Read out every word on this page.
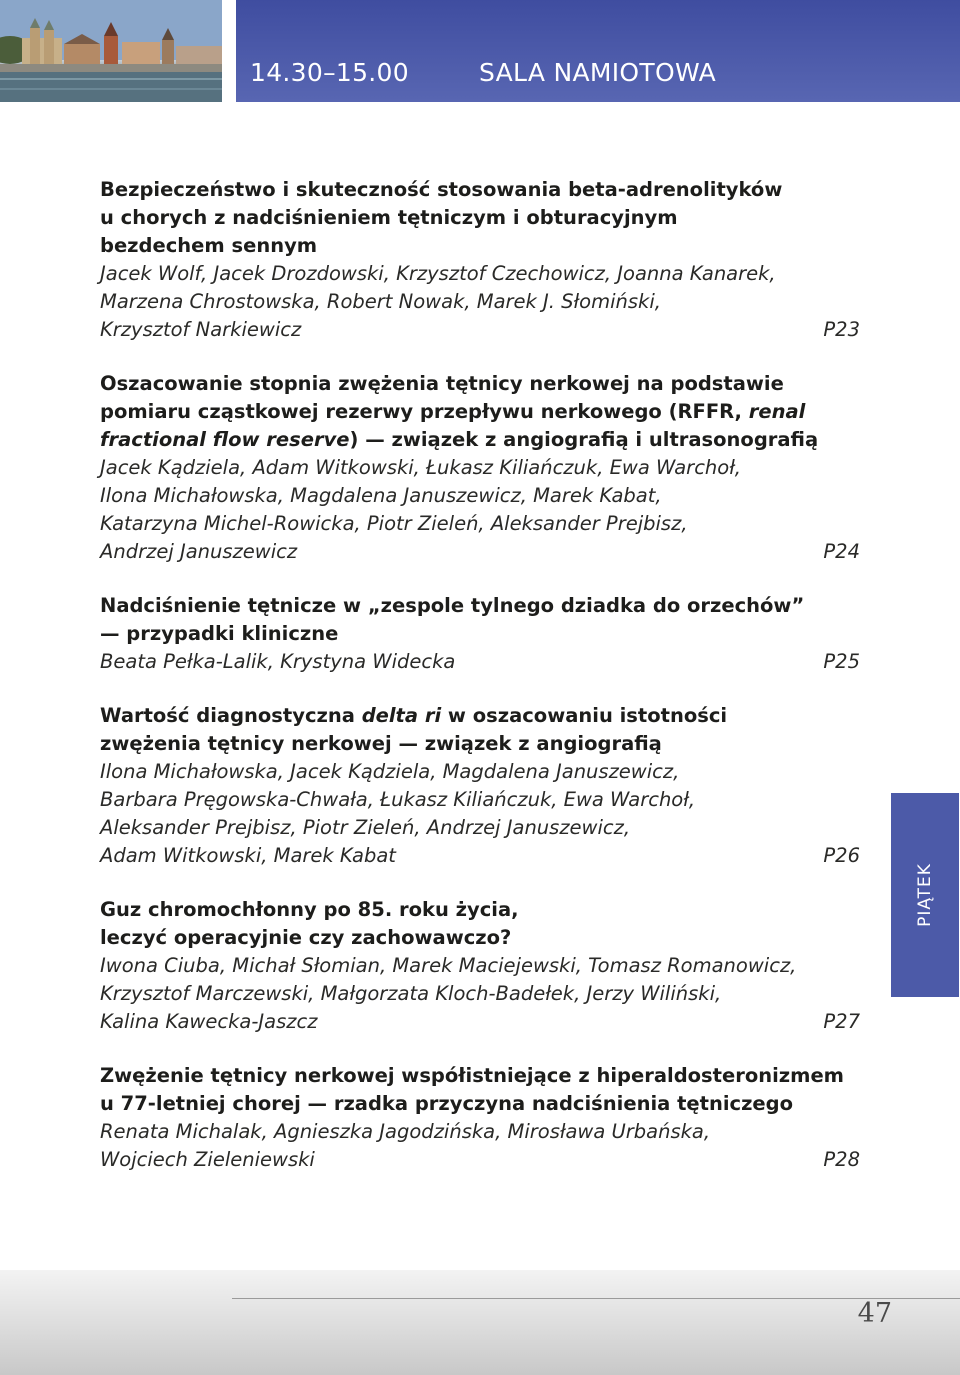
14.30–15.00	SALA NAMIOTOWA
Bezpieczeństwo i skuteczność stosowania beta-adrenolityków
u chorych z nadciśnieniem tętniczym i obturacyjnym
bezdechem sennym
Jacek Wolf, Jacek Drozdowski, Krzysztof Czechowicz, Joanna Kanarek,
Marzena Chrostowska, Robert Nowak, Marek J. Słomiński,
Krzysztof Narkiewicz	P23
Oszacowanie stopnia zwężenia tętnicy nerkowej na podstawie
pomiaru cząstkowej rezerwy przepływu nerkowego (RFFR, renal
fractional flow reserve) — związek z angiografią i ultrasonografią
Jacek Kądziela, Adam Witkowski, Łukasz Kiliańczuk, Ewa Warchoł,
Ilona Michałowska, Magdalena Januszewicz, Marek Kabat,
Katarzyna Michel-Rowicka, Piotr Zieleń, Aleksander Prejbisz,
Andrzej Januszewicz	P24
Nadciśnienie tętnicze w „zespole tylnego dziadka do orzechów”
— przypadki kliniczne
Beata Pełka-Lalik, Krystyna Widecka	P25
Wartość diagnostyczna delta ri w oszacowaniu istotności
zwężenia tętnicy nerkowej — związek z angiografią
Ilona Michałowska, Jacek Kądziela, Magdalena Januszewicz,
Barbara Pręgowska-Chwała, Łukasz Kiliańczuk, Ewa Warchoł,
Aleksander Prejbisz, Piotr Zieleń, Andrzej Januszewicz,
Adam Witkowski, Marek Kabat	P26
Guz chromochłonny po 85. roku życia,
leczyć operacyjnie czy zachowawczo?
Iwona Ciuba, Michał Słomian, Marek Maciejewski, Tomasz Romanowicz,
Krzysztof Marczewski, Małgorzata Kloch-Badełek, Jerzy Wiliński,
Kalina Kawecka-Jaszcz	P27
Zwężenie tętnicy nerkowej współistniejące z hiperaldosteronizmem
u 77-letniej chorej — rzadka przyczyna nadciśnienia tętniczego
Renata Michalak, Agnieszka Jagodzińska, Mirosława Urbańska,
Wojciech Zieleniewski	P28
PIĄTEK
47
